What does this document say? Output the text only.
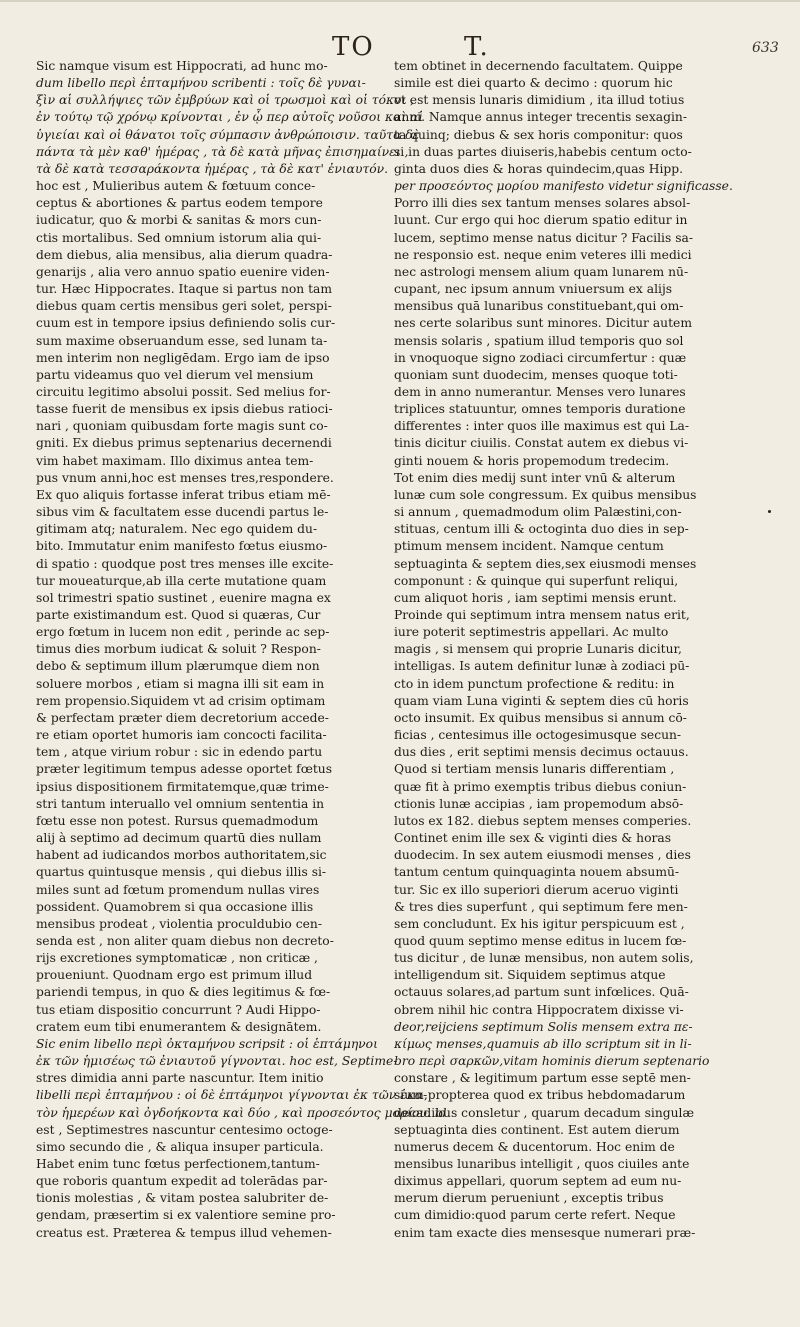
TO	T.	633
Sic namque visum est Hippocrati, ad hunc mo-
dum libello περὶ ἑπταμήνου scribenti : τοῖς δὲ γυναι-
ξὶν αἱ συλλήψιες τῶν ἐμβρύων καὶ οἱ τρωσμοὶ καὶ οἱ τόκοι ,
ἐν τούτῳ τῷ χρόνῳ κρίνονται , ἐν ᾧ περ αὐτοῖς νοῦσοι καὶ αἱ
ὑγιείαι καὶ οἱ θάνατοι τοῖς σύμπασιν ἀνθρώποισιν. ταῦτα δὲ
πάντα τὰ μὲν καθ' ἡμέρας , τὰ δὲ κατὰ μῆνας ἐπισημαίνει ,
τὰ δὲ κατὰ τεσσαράκοντα ἡμέρας , τὰ δὲ κατ' ἐνιαυτόν.
hoc est , Mulieribus autem & fœtuum conce-
ceptus & abortiones & partus eodem tempore
iudicatur, quo & morbi & sanitas & mors cun-
ctis mortalibus. Sed omnium istorum alia qui-
dem diebus, alia mensibus, alia dierum quadra-
genarijs , alia vero annuo spatio euenire viden-
tur. Hæc Hippocrates. Itaque si partus non tam
diebus quam certis mensibus geri solet, perspi-
cuum est in tempore ipsius definiendo solis cur-
sum maxime obseruandum esse, sed lunam ta-
men interim non negligēdam. Ergo iam de ipso
partu videamus quo vel dierum vel mensium
circuitu legitimo absolui possit. Sed melius for-
tasse fuerit de mensibus ex ipsis diebus ratioci-
nari , quoniam quibusdam forte magis sunt co-
gniti. Ex diebus primus septenarius decernendi
vim habet maximam. Illo diximus antea tem-
pus vnum anni,hoc est menses tres,respondere.
Ex quo aliquis fortasse inferat tribus etiam mē-
sibus vim & facultatem esse ducendi partus le-
gitimam atq; naturalem. Nec ego quidem du-
bito. Immutatur enim manifesto fœtus eiusmo-
di spatio : quodque post tres menses ille excite-
tur moueaturque,ab illa certe mutatione quam
sol trimestri spatio sustinet , euenire magna ex
parte existimandum est. Quod si quæras, Cur
ergo fœtum in lucem non edit , perinde ac sep-
timus dies morbum iudicat & soluit ? Respon-
debo & septimum illum plærumque diem non
soluere morbos , etiam si magna illi sit eam in
rem propensio.Siquidem vt ad crisim optimam
& perfectam præter diem decretorium accede-
re etiam oportet humoris iam concocti facilita-
tem , atque virium robur : sic in edendo partu
præter legitimum tempus adesse oportet fœtus
ipsius dispositionem firmitatemque,quæ trime-
stri tantum interuallo vel omnium sententia in
fœtu esse non potest. Rursus quemadmodum
alij à septimo ad decimum quartū dies nullam
habent ad iudicandos morbos authoritatem,sic
quartus quintusque mensis , qui diebus illis si-
miles sunt ad fœtum promendum nullas vires
possident. Quamobrem si qua occasione illis
mensibus prodeat , violentia proculdubio cen-
senda est , non aliter quam diebus non decreto-
rijs excretiones symptomaticæ , non criticæ ,
proueniunt. Quodnam ergo est primum illud
pariendi tempus, in quo & dies legitimus & fœ-
tus etiam dispositio concurrunt ? Audi Hippo-
cratem eum tibi enumerantem & designātem.
Sic enim libello περὶ ὀκταμήνου scripsit : οἱ ἑπτάμηνοι
ἐκ τῶν ἡμισέως τῶ ἐνιαυτοῦ γίγνονται. hoc est, Septime-
stres dimidia anni parte nascuntur. Item initio
libelli περὶ ἑπταμήνου : οἱ δὲ ἑπτάμηνοι γίγνονται ἐκ τῶν ἑκα-
τὸν ἡμερέων καὶ ὀγδοήκοντα καὶ δύο , καὶ προσεόντος μορίου. id
est , Septimestres nascuntur centesimo octoge-
simo secundo die , & aliqua insuper particula.
Habet enim tunc fœtus perfectionem,tantum-
que roboris quantum expedit ad tolerādas par-
tionis molestias , & vitam postea salubriter de-
gendam, præsertim si ex valentiore semine pro-
creatus est. Præterea & tempus illud vehemen-
tem obtinet in decernendo facultatem. Quippe
simile est diei quarto & decimo : quorum hic
vt est mensis lunaris dimidium , ita illud totius
anni. Namque annus integer trecentis sexagin-
ta quinq; diebus & sex horis componitur: quos
si in duas partes diuiseris,habebis centum octo-
ginta duos dies & horas quindecim,quas Hipp.
per προσεόντος μορίου manifesto videtur significasse.
Porro illi dies sex tantum menses solares absol-
luunt. Cur ergo qui hoc dierum spatio editur in
lucem, septimo mense natus dicitur ? Facilis sa-
ne responsio est. neque enim veteres illi medici
nec astrologi mensem alium quam lunarem nū-
cupant, nec ipsum annum vniuersum ex alijs
mensibus quā lunaribus constituebant,qui om-
nes certe solaribus sunt minores. Dicitur autem
mensis solaris , spatium illud temporis quo sol
in vnoquoque signo zodiaci circumfertur : quæ
quoniam sunt duodecim, menses quoque toti-
dem in anno numerantur. Menses vero lunares
triplices statuuntur, omnes temporis duratione
differentes : inter quos ille maximus est qui La-
tinis dicitur ciuilis. Constat autem ex diebus vi-
ginti nouem & horis propemodum tredecim.
Tot enim dies medij sunt inter vnū & alterum
lunæ cum sole congressum. Ex quibus mensibus
si annum , quemadmodum olim Palæstini,con-
stituas, centum illi & octoginta duo dies in sep-
ptimum mensem incident. Namque centum
septuaginta & septem dies,sex eiusmodi menses
componunt : & quinque qui superfunt reliqui,
cum aliquot horis , iam septimi mensis erunt.
Proinde qui septimum intra mensem natus erit,
iure poterit septimestris appellari. Ac multo
magis , si mensem qui proprie Lunaris dicitur,
intelligas. Is autem definitur lunæ à zodiaci pū-
cto in idem punctum profectione & reditu: in
quam viam Luna viginti & septem dies cū horis
octo insumit. Ex quibus mensibus si annum cō-
ficias , centesimus ille octogesimusque secun-
dus dies , erit septimi mensis decimus octauus.
Quod si tertiam mensis lunaris differentiam ,
quæ fit à primo exemptis tribus diebus coniun-
ctionis lunæ accipias , iam propemodum absō-
lutos ex 182. diebus septem menses comperies.
Continet enim ille sex & viginti dies & horas
duodecim. In sex autem eiusmodi menses , dies
tantum centum quinquaginta nouem absumū-
tur. Sic ex illo superiori dierum aceruo viginti
& tres dies superfunt , qui septimum fere men-
sem concludunt. Ex his igitur perspicuum est ,
quod quum septimo mense editus in lucem fœ-
tus dicitur , de lunæ mensibus, non autem solis,
intelligendum sit. Siquidem septimus atque
octauus solares,ad partum sunt infœlices. Quā-
obrem nihil hic contra Hippocratem dixisse vi-
deor,reijciens septimum Solis mensem extra πε-
κίμως menses,quamuis ab illo scriptum sit in li-
bro περὶ σαρκῶν,vitam hominis dierum septenario
constare , & legitimum partum esse septē men-
sium,propterea quod ex tribus hebdomadarum
decadibus consletur , quarum decadum singulæ
septuaginta dies continent. Est autem dierum
numerus decem & ducentorum. Hoc enim de
mensibus lunaribus intelligit , quos ciuiles ante
diximus appellari, quorum septem ad eum nu-
merum dierum perueniunt , exceptis tribus
cum dimidio:quod parum certe refert. Neque
enim tam exacte dies mensesque numerari præ-
